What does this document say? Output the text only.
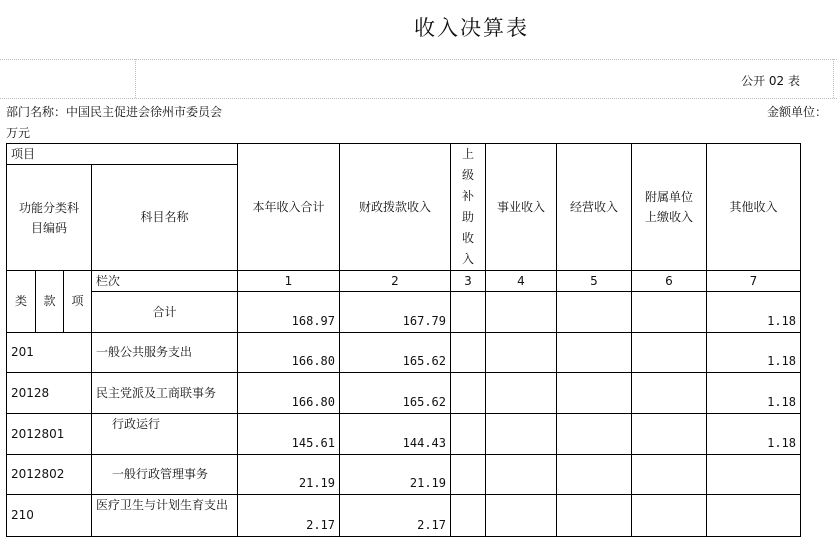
收入决算表
公开 02 表
部门名称：中国民主促进会徐州市委员会	金额单位：
万元
项目				本年收入合计	财政拨款收入	上级补助收入	事业收入	经营收入	附属单位上缴收入	其他收入
功能分类科目编码			科目名称							
类	款	项	栏次	1	2	3	4	5	6	7
			合计	168.97	167.79					1.18
201			一般公共服务支出	166.80	165.62					1.18
20128			民主党派及工商联事务	166.80	165.62					1.18
2012801			行政运行	145.61	144.43					1.18
2012802			一般行政管理事务	21.19	21.19					
210			医疗卫生与计划生育支出	2.17	2.17					
